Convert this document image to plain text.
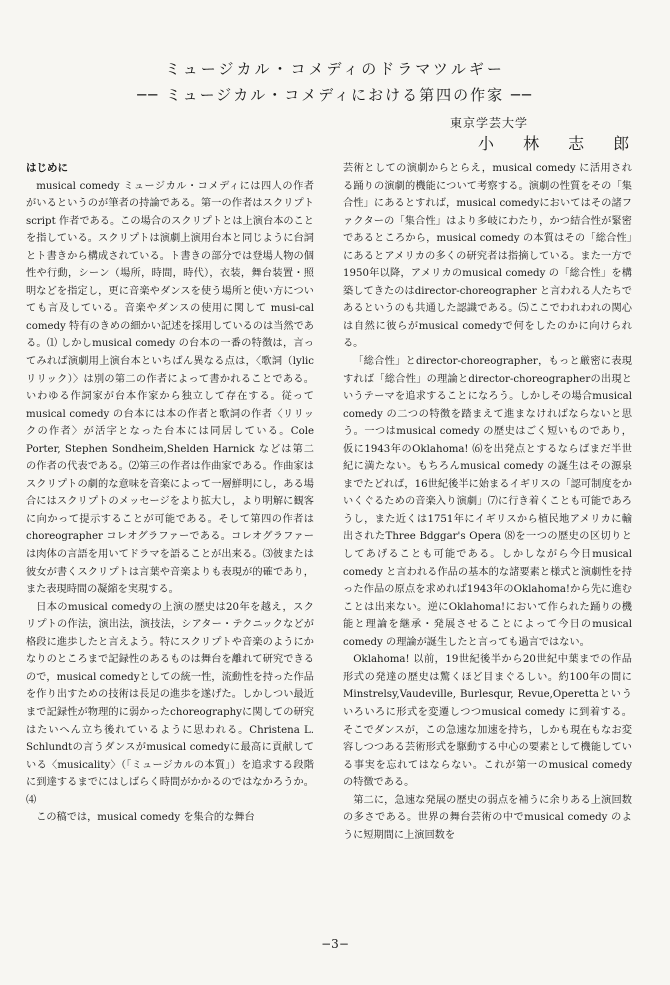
ミュージカル・コメディのドラマツルギー
── ミュージカル・コメディにおける第四の作家 ──
東京学芸大学
小 林 志 郎
はじめに

musical comedy ミュージカル・コメディには四人の作者がいるというのが筆者の持論である。第一の作者はスクリプトscript 作者である。この場合のスクリプトとは上演台本のことを指している。スクリプトは演劇上演用台本と同じように台詞とト書きから構成されている。ト書きの部分では登場人物の個性や行動，シーン（場所，時間，時代），衣装，舞台装置・照明などを指定し，更に音楽やダンスを使う場所と使い方についても言及している。音楽やダンスの使用に関して musi-cal comedy 特有のきめの細かい記述を採用しているのは当然である。⑴ しかしmusical comedy の台本の一番の特徴は，言ってみれば演劇用上演台本といちばん異なる点は，〈歌詞（lylic リリック）〉は別の第二の作者によって書かれることである。いわゆる作詞家が台本作家から独立して存在する。従ってmusical comedy の台本には本の作者と歌詞の作者〈リリックの作者〉が活字となった台本には同居している。Cole Porter, Stephen Sondheim,Shelden Harnick などは第二の作者の代表である。⑵第三の作者は作曲家である。作曲家はスクリプトの劇的な意味を音楽によって一層鮮明にし，ある場合にはスクリプトのメッセージをより拡大し，より明解に観客に向かって提示することが可能である。そして第四の作者はchoreographer コレオグラファーである。コレオグラファーは肉体の言語を用いてドラマを語ることが出来る。⑶彼または彼女が書くスクリプトは言葉や音楽よりも表現が的確であり，また表現時間の凝縮を実現する。

日本のmusical comedyの上演の歴史は20年を越え，スクリプトの作法，演出法，演技法，シアター・テクニックなどが格段に進歩したと言えよう。特にスクリプトや音楽のようにかなりのところまで記録性のあるものは舞台を離れて研究できるので，musical comedyとしての統一性，流動性を持った作品を作り出すための技術は長足の進歩を遂げた。しかしつい最近まで記録性が物理的に弱かったchoreographyに関しての研究はたいへん立ち後れているように思われる。Christena L. Schlundtの言うダンスがmusical comedyに最高に貢献している〈musicality〉（「ミュージカルの本質」）を追求する段階に到達するまでにはしばらく時間がかかるのではなかろうか。⑷

この稿では，musical comedy を集合的な舞台

芸術としての演劇からとらえ，musical comedy に活用される踊りの演劇的機能について考察する。演劇の性質をその「集合性」にあるとすれば，musical comedyにおいてはその諸ファクターの「集合性」はより多岐にわたり，かつ結合性が緊密であるところから，musical comedy の本質はその「総合性」にあるとアメリカの多くの研究者は指摘している。また一方で1950年以降，アメリカのmusical comedy の「総合性」を構築してきたのはdirector-choreographer と言われる人たちであるというのも共通した認識である。⑸ここでわれわれの関心は自然に彼らがmusical comedyで何をしたのかに向けられる。

「総合性」とdirector-choreographer，もっと厳密に表現すれば「総合性」の理論とdirector-choreographerの出現というテーマを追求することになろう。しかしその場合musical comedy の二つの特徴を踏まえて進まなければならないと思う。一つはmusical comedy の歴史はごく短いものであり，仮に1943年のOklahoma! ⑹を出発点とするならばまだ半世紀に満たない。もちろんmusical comedy の誕生はその源泉までたどれば，16世紀後半に始まるイギリスの「認可制度をかいくぐるための音楽入り演劇」⑺に行き着くことも可能であろうし，また近くは1751年にイギリスから植民地アメリカに輸出されたThree Bdggar's Opera ⑻を一つの歴史の区切りとしてあげることも可能である。しかしながら今日musical comedy と言われる作品の基本的な諸要素と様式と演劇性を持った作品の原点を求めれば1943年のOklahoma!から先に進むことは出来ない。逆にOklahoma!において作られた踊りの機能と理論を継承・発展させることによって今日のmusical comedy の理論が誕生したと言っても過言ではない。

Oklahoma! 以前，19世紀後半から20世紀中葉までの作品形式の発達の歴史は驚くほど目まぐるしい。約100年の間にMinstrelsy,Vaudeville, Burlesqur, Revue,Operettaといういろいろに形式を変遷しつつmusical comedy に到着する。そこでダンスが，この急速な加速を持ち，しかも現在もなお変容しつつある芸術形式を駆動する中心の要素として機能している事実を忘れてはならない。これが第一のmusical comedy の特徴である。

第二に，急速な発展の歴史の弱点を補うに余りある上演回数の多さである。世界の舞台芸術の中でmusical comedy のように短期間に上演回数を

−3−
